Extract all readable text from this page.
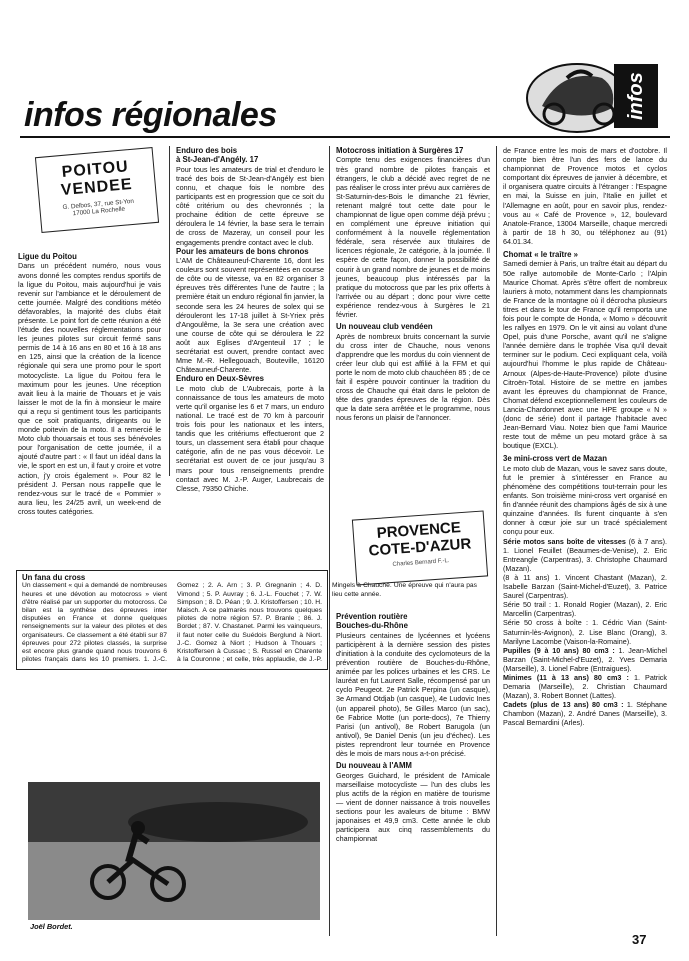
infos régionales	infos
POITOU
VENDEE
G. Delbos, 37, rue St-Yon
17000 La Rochelle
Ligue du Poitou
Dans un précédent numéro, nous vous avons donné les comptes rendus sportifs de la ligue du Poitou, mais aujourd'hui je vais revenir sur l'ambiance et le déroulement de cette journée. Malgré des conditions météo défavorables, la majorité des clubs était présente. Le point fort de cette réunion a été l'étude des nouvelles réglementations pour les jeunes pilotes sur circuit fermé sans permis de 14 à 16 ans en 80 et 16 à 18 ans en 125, ainsi que la création de la licence régionale qui sera une promo pour le sport motocycliste. La ligue du Poitou fera le maximum pour les jeunes. Une réception avait lieu à la mairie de Thouars et je vais laisser le mot de la fin à monsieur le maire qui a reçu si gentiment tous les participants que ce soit pratiquants, dirigeants ou le monde poitevin de la moto. Il a remercié le Moto club thouarsais et tous ses bénévoles pour l'organisation de cette journée, il a ajouté d'autre part : « Il faut un idéal dans la vie, le sport en est un, il faut y croire et votre action, j'y crois également ». Pour 82 le président J. Persan nous rappelle que le rendez-vous sur le tracé de « Pommier » aura lieu, les 24/25 avril, un week-end de cross toutes catégories.
Un fana du cross
Un classement « qui a demandé de nombreuses heures et une dévotion au motocross » vient d'être réalisé par un supporter du motocross. Ce bilan est la synthèse des épreuves inter disputées en France et donne quelques renseignements sur la valeur des pilotes et des organisateurs. Ce classement a été établi sur 87 épreuves pour 272 pilotes classés, la surprise est encore plus grande quand nous trouvons 6 pilotes français dans les 10 premiers. 1. J.-C. Gomez ; 2. A. Arn ; 3. P. Gregnanin ; 4. D. Vimond ; 5. P. Auvray ; 6. J.-L. Fouchet ; 7. W. Simpson ; 8. D. Péan ; 9. J. Kristoffersen ; 10. H. Maisch. A ce palmarès nous trouvons quelques pilotes de notre région 57. P. Branle ; 86. J. Bordet ; 87. V. Chastanet. Parmi les vainqueurs, il faut noter celle du Suédois Berglund à Niort. J.-C. Gomez à Niort ; Hudson à Thouars ; Kristoffersen à Cussac ; S. Russel en Charente à la Couronne ; et celle, très applaudie, de J.-P. Mingels à Chauché. Une épreuve qui n'aura pas lieu cette année.
Joël Bordet.
Enduro des bois
à St-Jean-d'Angély. 17
Pour tous les amateurs de trial et d'enduro le tracé des bois de St-Jean-d'Angély est bien connu, et chaque fois le nombre des participants est en progression que ce soit du côté critérium ou des chevronnés ; la prochaine édition de cette épreuve se déroulera le 14 février, la base sera le terrain de cross de Mazeray, un conseil pour les engagements prendre contact avec le club.
Pour les amateurs de bons chronos
L'AM de Châteauneuf-Charente 16, dont les couleurs sont souvent représentées en course de côte ou de vitesse, va en 82 organiser 3 épreuves très différentes l'une de l'autre ; la première était un enduro régional fin janvier, la seconde sera les 24 heures de solex qui se dérouleront les 17-18 juillet à St-Yriex près d'Angoulême, la 3e sera une création avec une course de côte qui se déroulera le 22 août aux Eglises d'Argenteuil 17 ; le secrétariat est ouvert, prendre contact avec Mme M.-R. Hellegouach, Bouteville, 16120 Châteauneuf-Charente.
Enduro en Deux-Sèvres
Le moto club de L'Aubrecais, porte à la connaissance de tous les amateurs de moto verte qu'il organise les 6 et 7 mars, un enduro national. Le tracé est de 70 km à parcourir trois fois pour les nationaux et les inters, tandis que les critériums effectueront que 2 tours, un classement sera établi pour chaque catégorie, afin de ne pas vous décevoir. Le secrétariat est ouvert de ce jour jusqu'au 3 mars pour tous renseignements prendre contact avec M. J.-P. Auger, Laubrecais de Clesse, 79350 Chiche.
Motocross initiation à Surgères 17
Compte tenu des exigences financières d'un très grand nombre de pilotes français et étrangers, le club a décidé avec regret de ne pas réaliser le cross inter prévu aux carrières de St-Saturnin-des-Bois le dimanche 21 février, retenant malgré tout cette date pour le championnat de ligue open comme déjà prévu ; en complément une épreuve initiation qui conformément à la nouvelle réglementation fédérale, sera réservée aux titulaires de licences régionale, 2e catégorie, à la journée. Il espère de cette façon, donner la possibilité de courir à un grand nombre de jeunes et de moins jeunes, beaucoup plus intéressés par la pratique du motocross que par les prix offerts à l'arrivée ou au départ ; donc pour vivre cette expérience rendez-vous à Surgères le 21 février.
Un nouveau club vendéen
Après de nombreux bruits concernant la survie du cross inter de Chauche, nous venons d'apprendre que les mordus du coin viennent de créer leur club qui est affilié à la FFM et qui porte le nom de moto club chauchéen 85 ; de ce fait il espère pouvoir continuer la tradition du cross de Chauche qui était dans le peloton de tête des grandes épreuves de la région. Dès que la date sera arrêtée et le programme, nous nous ferons un plaisir de l'annoncer.
PROVENCE
COTE-D'AZUR
Charles Bernard F.-L.
Prévention routière
Bouches-du-Rhône
Plusieurs centaines de lycéennes et lycéens participèrent à la dernière session des pistes d'initiation à la conduite des cyclomoteurs de la prévention routière de Bouches-du-Rhône, animée par les polices urbaines et les CRS. Le lauréat en fut Laurent Salle, récompensé par un cyclo Peugeot. 2e Patrick Perpina (un casque), 3e Armand Otdjab (un casque), 4e Ludovic Ines (un appareil photo), 5e Gilles Marco (un sac), 6e Fabrice Motte (un porte-docs), 7e Thierry Parisi (un antivol), 8e Robert Barugola (un antivol), 9e Daniel Denis (un jeu d'échec). Les pistes reprendront leur tournée en Provence dès le mois de mars nous a-t-on précisé.
Du nouveau à l'AMM
Georges Guichard, le président de l'Amicale marseillaise motocycliste — l'un des clubs les plus actifs de la région en matière de tourisme — vient de donner naissance à trois nouvelles sections pour les avaleurs de bitume : BMW japonaises et 49,9 cm3. Cette année le club participera aux cinq rassemblements du championnat
de France entre les mois de mars et d'octobre. Il compte bien être l'un des fers de lance du championnat de Provence motos et cyclos comportant dix épreuves de janvier à décembre, et il organisera quatre circuits à l'étranger : l'Espagne en mai, la Suisse en juin, l'Italie en juillet et l'Allemagne en août, pour en savoir plus, rendez-vous au « Café de Provence », 12, boulevard Anatole-France, 13004 Marseille, chaque mercredi à partir de 18 h 30, ou téléphonez au (91) 64.01.34.
Chomat « le traître »
Samedi dernier à Paris, un traître était au départ du 50e rallye automobile de Monte-Carlo ; l'Alpin Maurice Chomat. Après s'être offert de nombreux lauriers à moto, notamment dans les championnats de France de la montagne où il décrocha plusieurs titres et dans le tour de France qu'il remporta une fois pour le compte de Honda, « Momo » découvrit les rallyes en 1979. On le vit ainsi au volant d'une Opel, puis d'une Porsche, avant qu'il ne s'aligne l'année dernière dans le trophée Visa qu'il devait terminer sur le podium. Ceci expliquant cela, voilà aujourd'hui l'homme le plus rapide de Château-Arnoux (Alpes-de-Haute-Provence) pilote d'usine Citroën-Total. Histoire de se mettre en jambes avant les épreuves du championnat de France, Chomat défend exceptionnellement les couleurs de Lancia-Chardonnet avec une HPE groupe « N » (donc de série) dont il partage l'habitacle avec Jean-Bernard Viau. Notez bien que l'ami Maurice reste tout de même un peu motard grâce à sa boutique (EXCL).
3e mini-cross vert de Mazan
Le moto club de Mazan, vous le savez sans doute, fut le premier à s'intéresser en France au phénomène des compétitions tout-terrain pour les enfants. Son troisième mini-cross vert organisé en fin d'année réunit des champions âgés de six à une quinzaine d'années. Ils furent cinquante à s'en donner à cœur joie sur un tracé spécialement conçu pour eux.
Série motos sans boîte de vitesses (6 à 7 ans). 1. Lionel Feuillet (Beaumes-de-Venise), 2. Eric Entreangle (Carpentras), 3. Christophe Chaumard (Mazan).
(8 à 11 ans) 1. Vincent Chastant (Mazan), 2. Isabelle Barzan (Saint-Michel-d'Euzet), 3. Patrice Saurel (Carpentras).
Série 50 trail : 1. Ronald Rogier (Mazan), 2. Eric Marcellin (Carpentras).
Série 50 cross à boîte : 1. Cédric Vian (Saint-Saturnin-lès-Avignon), 2. Lise Blanc (Orang), 3. Marilyne Lacombe (Vaison-la-Romaine).
Pupilles (9 à 10 ans) 80 cm3 : 1. Jean-Michel Barzan (Saint-Michel-d'Euzet), 2. Yves Demaria (Marseille), 3. Lionel Fabre (Entraigues).
Minimes (11 à 13 ans) 80 cm3 : 1. Patrick Demaria (Marseille), 2. Christian Chaumard (Mazan), 3. Robert Bonnet (Lattes).
Cadets (plus de 13 ans) 80 cm3 : 1. Stéphane Chambon (Mazan), 2. André Danes (Marseille), 3. Pascal Bernardini (Arles).
37
